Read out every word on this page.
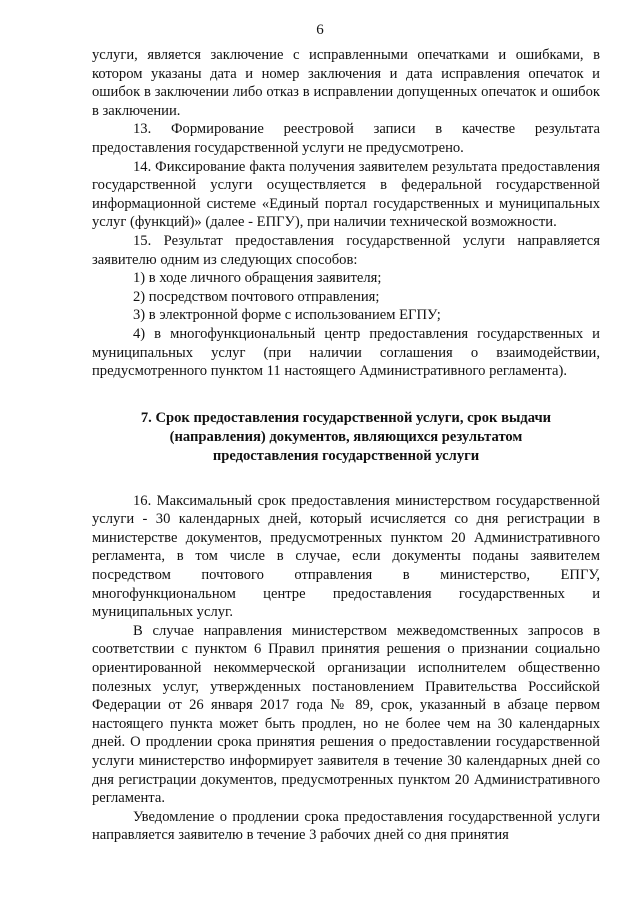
6

услуги, является заключение с исправленными опечатками и ошибками, в котором указаны дата и номер заключения и дата исправления опечаток и ошибок в заключении либо отказ в исправлении допущенных опечаток и ошибок в заключении.

13. Формирование реестровой записи в качестве результата предоставления государственной услуги не предусмотрено.

14. Фиксирование факта получения заявителем результата предоставления государственной услуги осуществляется в федеральной государственной информационной системе «Единый портал государственных и муниципальных услуг (функций)» (далее - ЕПГУ), при наличии технической возможности.

15. Результат предоставления государственной услуги направляется заявителю одним из следующих способов:

1) в ходе личного обращения заявителя;

2) посредством почтового отправления;

3) в электронной форме с использованием ЕГПУ;

4) в многофункциональный центр предоставления государственных и муниципальных услуг (при наличии соглашения о взаимодействии, предусмотренного пунктом 11 настоящего Административного регламента).

7. Срок предоставления государственной услуги, срок выдачи
(направления) документов, являющихся результатом
предоставления государственной услуги

16. Максимальный срок предоставления министерством государственной услуги - 30 календарных дней, который исчисляется со дня регистрации в министерстве документов, предусмотренных пунктом 20 Административного регламента, в том числе в случае, если документы поданы заявителем посредством почтового отправления в министерство, ЕПГУ, многофункциональном центре предоставления государственных и муниципальных услуг.

В случае направления министерством межведомственных запросов в соответствии с пунктом 6 Правил принятия решения о признании социально ориентированной некоммерческой организации исполнителем общественно полезных услуг, утвержденных постановлением Правительства Российской Федерации от 26 января 2017 года № 89, срок, указанный в абзаце первом настоящего пункта может быть продлен, но не более чем на 30 календарных дней. О продлении срока принятия решения о предоставлении государственной услуги министерство информирует заявителя в течение 30 календарных дней со дня регистрации документов, предусмотренных пунктом 20 Административного регламента.

Уведомление о продлении срока предоставления государственной услуги направляется заявителю в течение 3 рабочих дней со дня принятия
